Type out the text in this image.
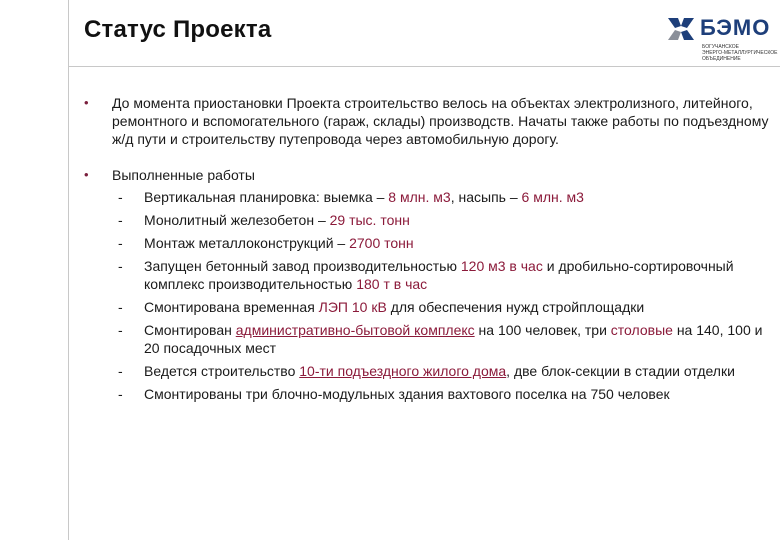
Статус Проекта	БЭМО
БОГУЧАНСКОЕ
ЭНЕРГО-МЕТАЛЛУРГИЧЕСКОЕ
ОБЪЕДИНЕНИЕ

• До момента приостановки Проекта строительство велось на объектах электролизного, литейного, ремонтного и вспомогательного (гараж, склады) производств. Начаты также работы по подъездному ж/д пути и строительству путепровода через автомобильную дорогу.

• Выполненные работы
- Вертикальная планировка: выемка – 8 млн. м3, насыпь – 6 млн. м3
- Монолитный железобетон – 29 тыс. тонн
- Монтаж металлоконструкций – 2700 тонн
- Запущен бетонный завод производительностью 120 м3 в час и дробильно-сортировочный комплекс производительностью 180 т в час
- Смонтирована временная ЛЭП 10 кВ для обеспечения нужд стройплощадки
- Смонтирован административно-бытовой комплекс на 100 человек, три столовые на 140, 100 и 20 посадочных мест
- Ведется строительство 10-ти подъездного жилого дома, две блок-секции в стадии отделки
- Смонтированы три блочно-модульных здания вахтового поселка на 750 человек
